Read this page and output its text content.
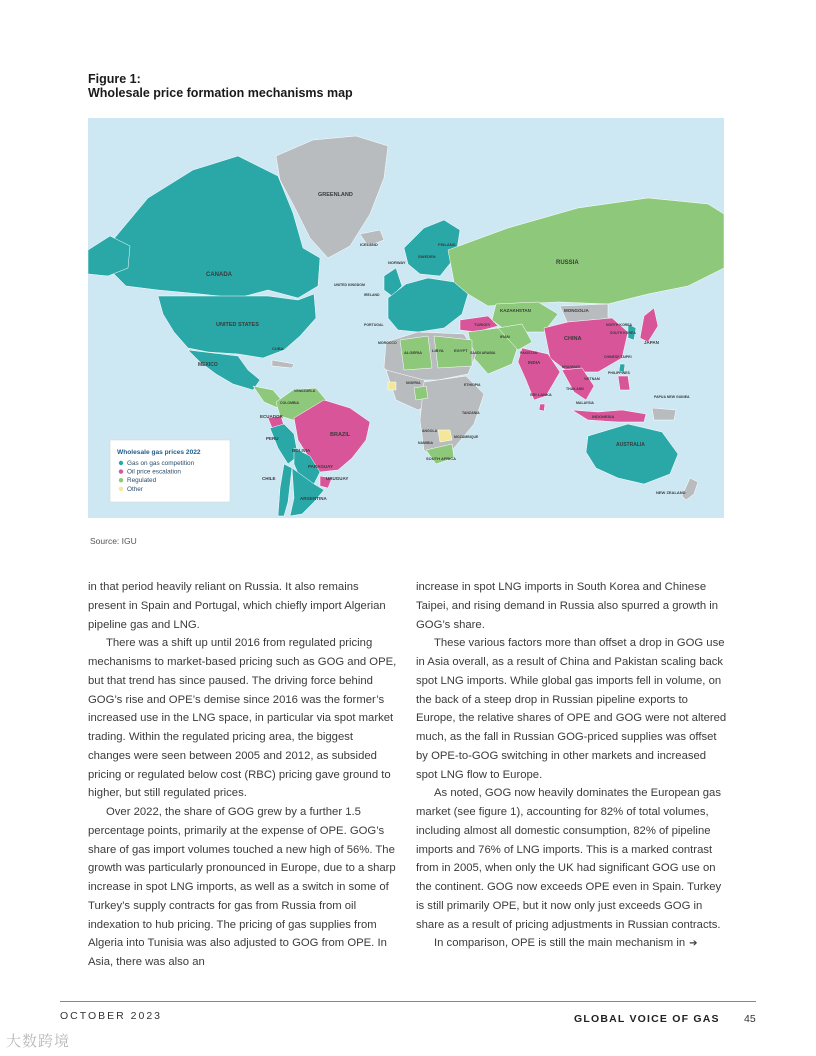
Figure 1:
Wholesale price formation mechanisms map
GREENLAND
CANADA
UNITED STATES
MEXICO
CUBA
ECUADOR
PERU
BRAZIL
BOLIVIA
PARAGUAY
CHILE	URUGUAY
ARGENTINA
RUSSIA
ICELAND
NORWAY
SWEDEN
FINLAND
UNITED KINGDOM
IRELAND
PORTUGAL	TURKEY
KAZAKHSTAN	MONGOLIA
CHINA
NORTH KOREA
SOUTH KOREA
JAPAN
CHINESE TAIPEI
PHILIPPINES
IRAN
PAKISTAN
INDIA
SAUDI ARABIA
MYANMAR
VIETNAM
THAILAND
MALAYSIA
SRI LANKA
INDONESIA
PAPUA NEW GUINEA
AUSTRALIA
NEW ZEALAND
MOROCCO
ALGERIA	LIBYA	EGYPT
NIGERIA	ETHIOPIA
ANGOLA
NAMIBIA
TANZANIA
MOZAMBIQUE
SOUTH AFRICA
VENEZUELA
COLOMBIA
Wholesale gas prices 2022
Gas on gas competition
Oil price escalation
Regulated
Other
Source: IGU

in that period heavily reliant on Russia. It also remains present in Spain and Portugal, which chiefly import Algerian pipeline gas and LNG.

There was a shift up until 2016 from regulated pricing mechanisms to market-based pricing such as GOG and OPE, but that trend has since paused. The driving force behind GOG’s rise and OPE’s demise since 2016 was the former’s increased use in the LNG space, in particular via spot market trading. Within the regulated pricing area, the biggest changes were seen between 2005 and 2012, as subsided pricing or regulated below cost (RBC) pricing gave ground to higher, but still regulated prices.

Over 2022, the share of GOG grew by a further 1.5 percentage points, primarily at the expense of OPE. GOG’s share of gas import volumes touched a new high of 56%. The growth was particularly pronounced in Europe, due to a sharp increase in spot LNG imports, as well as a switch in some of Turkey’s supply contracts for gas from Russia from oil indexation to hub pricing. The pricing of gas supplies from Algeria into Tunisia was also adjusted to GOG from OPE. In Asia, there was also an

increase in spot LNG imports in South Korea and Chinese Taipei, and rising demand in Russia also spurred a growth in GOG’s share.

These various factors more than offset a drop in GOG use in Asia overall, as a result of China and Pakistan scaling back spot LNG imports. While global gas imports fell in volume, on the back of a steep drop in Russian pipeline exports to Europe, the relative shares of OPE and GOG were not altered much, as the fall in Russian GOG-priced supplies was offset by OPE-to-GOG switching in other markets and increased spot LNG flow to Europe.

As noted, GOG now heavily dominates the European gas market (see figure 1), accounting for 82% of total volumes, including almost all domestic consumption, 82% of pipeline imports and 76% of LNG imports. This is a marked contrast from in 2005, when only the UK had significant GOG use on the continent. GOG now exceeds OPE even in Spain. Turkey is still primarily OPE, but it now only just exceeds GOG in share as a result of pricing adjustments in Russian contracts.

In comparison, OPE is still the main mechanism in ➔

OCTOBER 2023	GLOBAL VOICE OF GAS 45
大数跨境
